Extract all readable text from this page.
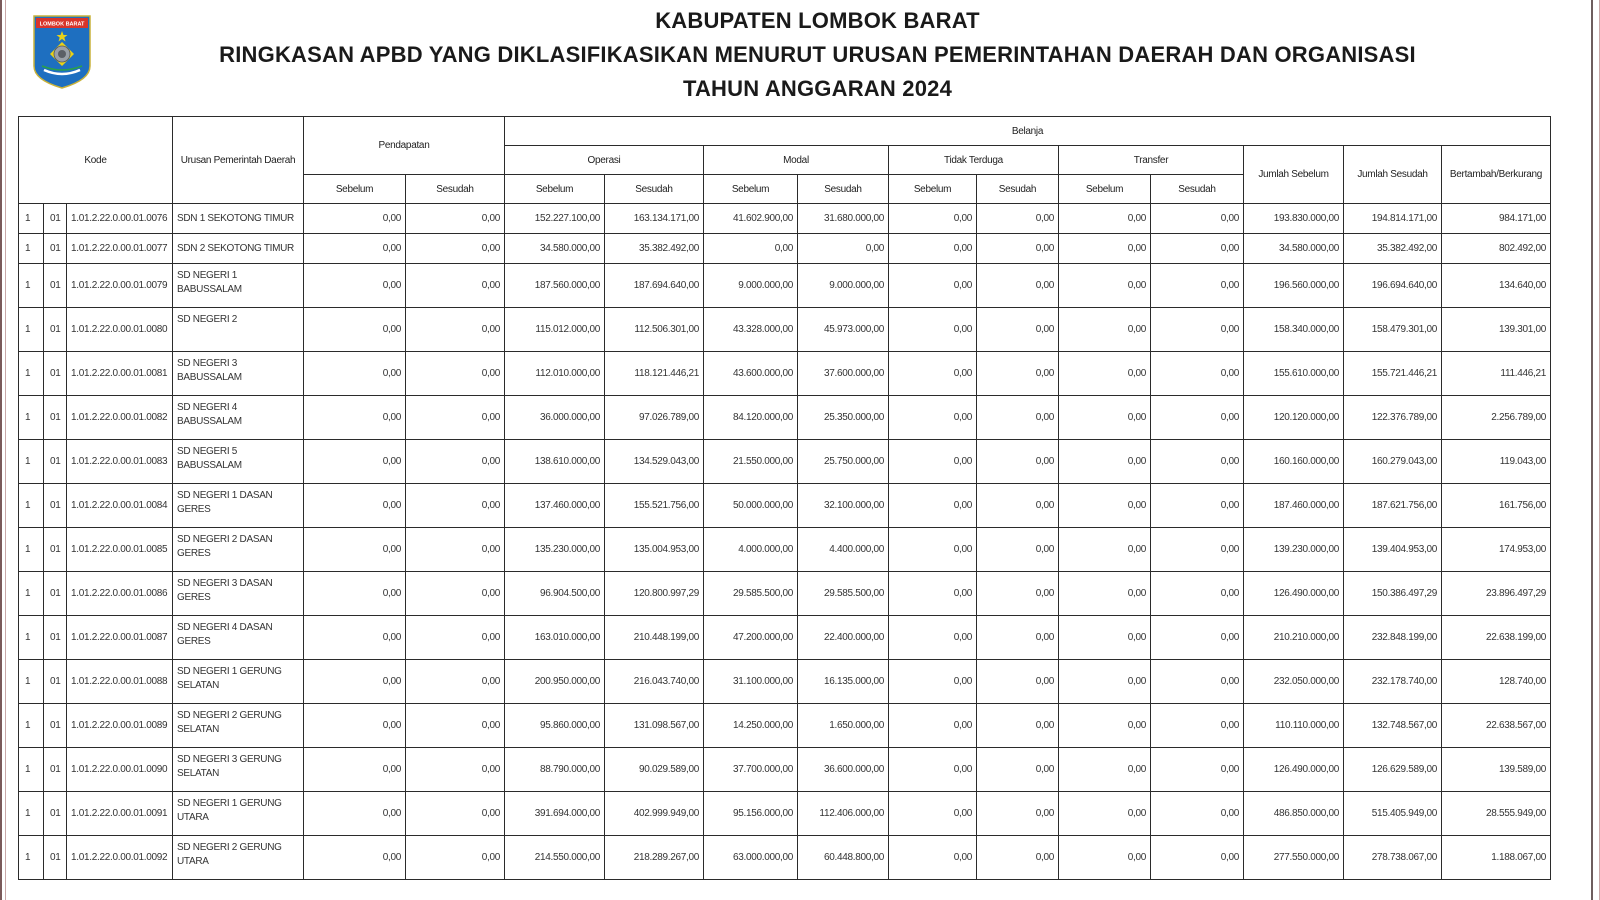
LOMBOK BARAT	KABUPATEN LOMBOK BARAT
RINGKASAN APBD YANG DIKLASIFIKASIKAN MENURUT URUSAN PEMERINTAHAN DAERAH DAN ORGANISASI
TAHUN ANGGARAN 2024
Kode			Urusan Pemerintah Daerah	Pendapatan		Belanja										
						Operasi		Modal		Tidak Terduga		Transfer		Jumlah Sebelum	Jumlah Sesudah	Bertambah/Berkurang
				Sebelum	Sesudah	Sebelum	Sesudah	Sebelum	Sesudah	Sebelum	Sesudah	Sebelum	Sesudah			
1	01	1.01.2.22.0.00.01.0076	SDN 1 SEKOTONG TIMUR	0,00	0,00	152.227.100,00	163.134.171,00	41.602.900,00	31.680.000,00	0,00	0,00	0,00	0,00	193.830.000,00	194.814.171,00	984.171,00
1	01	1.01.2.22.0.00.01.0077	SDN 2 SEKOTONG TIMUR	0,00	0,00	34.580.000,00	35.382.492,00	0,00	0,00	0,00	0,00	0,00	0,00	34.580.000,00	35.382.492,00	802.492,00
1	01	1.01.2.22.0.00.01.0079	SD NEGERI 1 BABUSSALAM	0,00	0,00	187.560.000,00	187.694.640,00	9.000.000,00	9.000.000,00	0,00	0,00	0,00	0,00	196.560.000,00	196.694.640,00	134.640,00
1	01	1.01.2.22.0.00.01.0080	SD NEGERI 2	0,00	0,00	115.012.000,00	112.506.301,00	43.328.000,00	45.973.000,00	0,00	0,00	0,00	0,00	158.340.000,00	158.479.301,00	139.301,00
1	01	1.01.2.22.0.00.01.0081	SD NEGERI 3 BABUSSALAM	0,00	0,00	112.010.000,00	118.121.446,21	43.600.000,00	37.600.000,00	0,00	0,00	0,00	0,00	155.610.000,00	155.721.446,21	111.446,21
1	01	1.01.2.22.0.00.01.0082	SD NEGERI 4 BABUSSALAM	0,00	0,00	36.000.000,00	97.026.789,00	84.120.000,00	25.350.000,00	0,00	0,00	0,00	0,00	120.120.000,00	122.376.789,00	2.256.789,00
1	01	1.01.2.22.0.00.01.0083	SD NEGERI 5 BABUSSALAM	0,00	0,00	138.610.000,00	134.529.043,00	21.550.000,00	25.750.000,00	0,00	0,00	0,00	0,00	160.160.000,00	160.279.043,00	119.043,00
1	01	1.01.2.22.0.00.01.0084	SD NEGERI 1 DASAN GERES	0,00	0,00	137.460.000,00	155.521.756,00	50.000.000,00	32.100.000,00	0,00	0,00	0,00	0,00	187.460.000,00	187.621.756,00	161.756,00
1	01	1.01.2.22.0.00.01.0085	SD NEGERI 2 DASAN GERES	0,00	0,00	135.230.000,00	135.004.953,00	4.000.000,00	4.400.000,00	0,00	0,00	0,00	0,00	139.230.000,00	139.404.953,00	174.953,00
1	01	1.01.2.22.0.00.01.0086	SD NEGERI 3 DASAN GERES	0,00	0,00	96.904.500,00	120.800.997,29	29.585.500,00	29.585.500,00	0,00	0,00	0,00	0,00	126.490.000,00	150.386.497,29	23.896.497,29
1	01	1.01.2.22.0.00.01.0087	SD NEGERI 4 DASAN GERES	0,00	0,00	163.010.000,00	210.448.199,00	47.200.000,00	22.400.000,00	0,00	0,00	0,00	0,00	210.210.000,00	232.848.199,00	22.638.199,00
1	01	1.01.2.22.0.00.01.0088	SD NEGERI 1 GERUNG SELATAN	0,00	0,00	200.950.000,00	216.043.740,00	31.100.000,00	16.135.000,00	0,00	0,00	0,00	0,00	232.050.000,00	232.178.740,00	128.740,00
1	01	1.01.2.22.0.00.01.0089	SD NEGERI 2 GERUNG SELATAN	0,00	0,00	95.860.000,00	131.098.567,00	14.250.000,00	1.650.000,00	0,00	0,00	0,00	0,00	110.110.000,00	132.748.567,00	22.638.567,00
1	01	1.01.2.22.0.00.01.0090	SD NEGERI 3 GERUNG SELATAN	0,00	0,00	88.790.000,00	90.029.589,00	37.700.000,00	36.600.000,00	0,00	0,00	0,00	0,00	126.490.000,00	126.629.589,00	139.589,00
1	01	1.01.2.22.0.00.01.0091	SD NEGERI 1 GERUNG UTARA	0,00	0,00	391.694.000,00	402.999.949,00	95.156.000,00	112.406.000,00	0,00	0,00	0,00	0,00	486.850.000,00	515.405.949,00	28.555.949,00
1	01	1.01.2.22.0.00.01.0092	SD NEGERI 2 GERUNG UTARA	0,00	0,00	214.550.000,00	218.289.267,00	63.000.000,00	60.448.800,00	0,00	0,00	0,00	0,00	277.550.000,00	278.738.067,00	1.188.067,00
